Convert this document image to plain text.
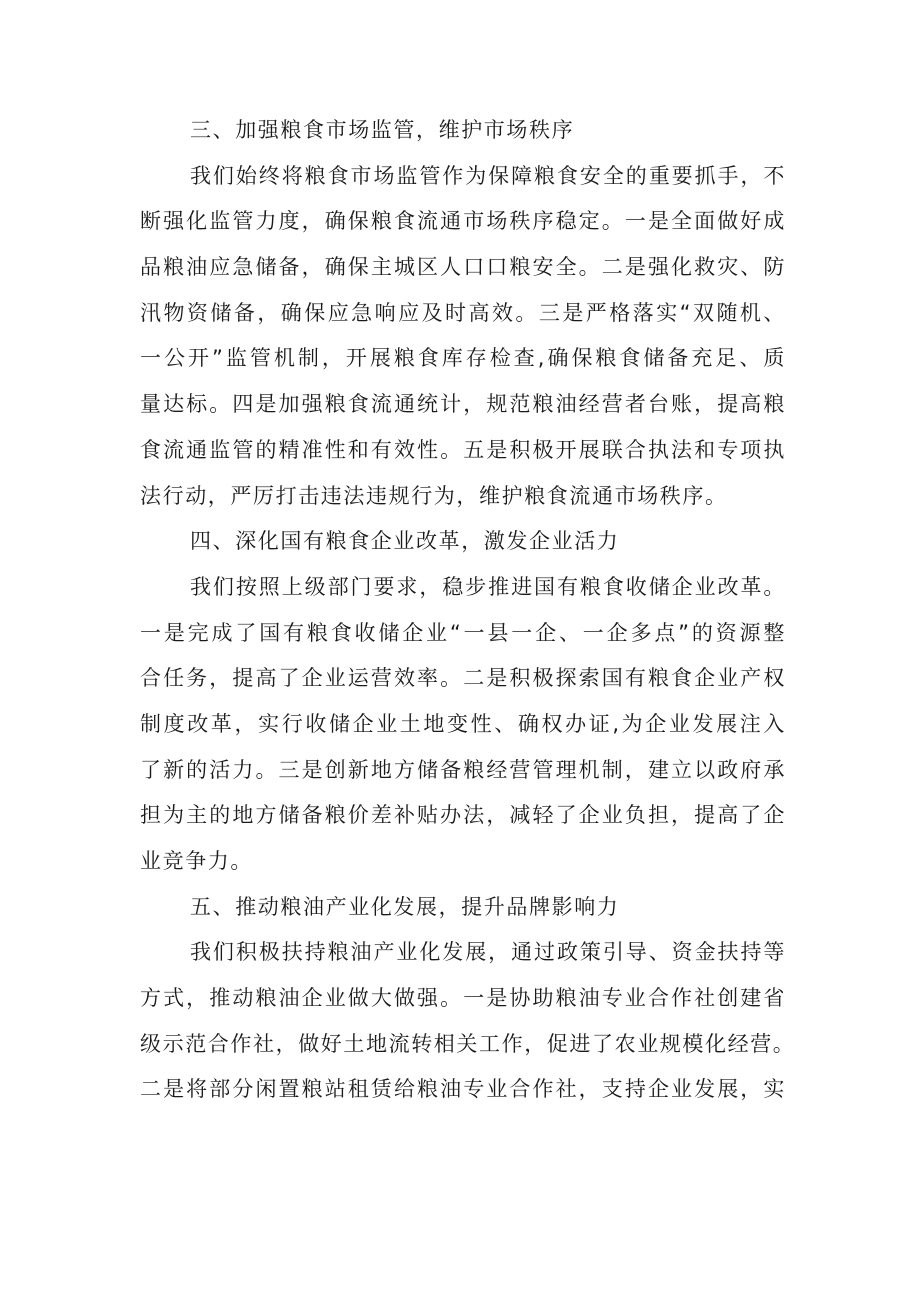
三、加强粮食市场监管，维护市场秩序
我们始终将粮食市场监管作为保障粮食安全的重要抓手，不
断强化监管力度，确保粮食流通市场秩序稳定。一是全面做好成
品粮油应急储备，确保主城区人口口粮安全。二是强化救灾、防
汛物资储备，确保应急响应及时高效。三是严格落实“双随机、
一公开”监管机制，开展粮食库存检查,确保粮食储备充足、质
量达标。四是加强粮食流通统计，规范粮油经营者台账，提高粮
食流通监管的精准性和有效性。五是积极开展联合执法和专项执
法行动，严厉打击违法违规行为，维护粮食流通市场秩序。
四、深化国有粮食企业改革，激发企业活力
我们按照上级部门要求，稳步推进国有粮食收储企业改革。
一是完成了国有粮食收储企业“一县一企、一企多点”的资源整
合任务，提高了企业运营效率。二是积极探索国有粮食企业产权
制度改革，实行收储企业土地变性、确权办证,为企业发展注入
了新的活力。三是创新地方储备粮经营管理机制，建立以政府承
担为主的地方储备粮价差补贴办法，减轻了企业负担，提高了企
业竞争力。
五、推动粮油产业化发展，提升品牌影响力
我们积极扶持粮油产业化发展，通过政策引导、资金扶持等
方式，推动粮油企业做大做强。一是协助粮油专业合作社创建省
级示范合作社，做好土地流转相关工作，促进了农业规模化经营。
二是将部分闲置粮站租赁给粮油专业合作社，支持企业发展，实
